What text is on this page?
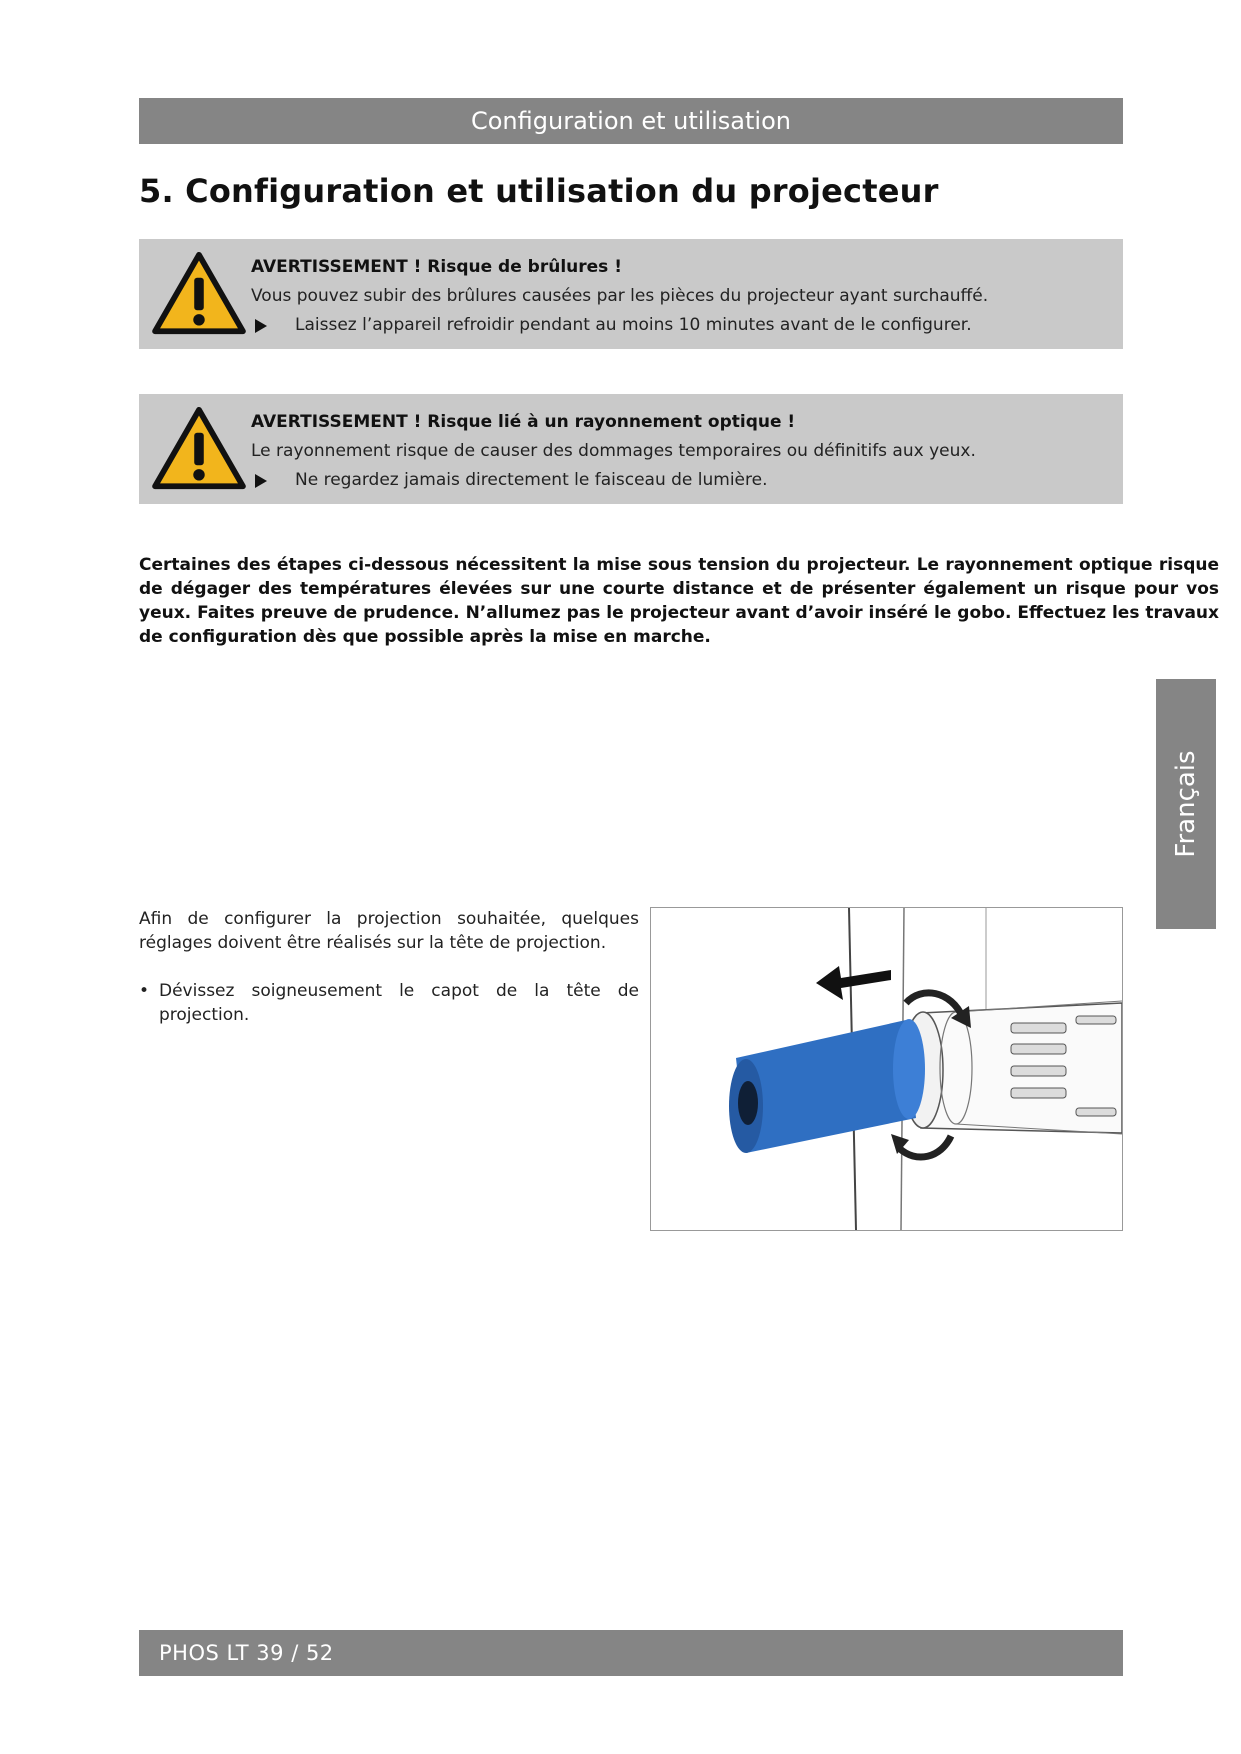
Configuration et utilisation
5. Configuration et utilisation du projecteur
AVERTISSEMENT ! Risque de brûlures !
Vous pouvez subir des brûlures causées par les pièces du projecteur ayant surchauffé.
Laissez l’appareil refroidir pendant au moins 10 minutes avant de le configurer.
AVERTISSEMENT ! Risque lié à un rayonnement optique !
Le rayonnement risque de causer des dommages temporaires ou définitifs aux yeux.
Ne regardez jamais directement le faisceau de lumière.

Certaines des étapes ci-dessous nécessitent la mise sous tension du projecteur. Le rayonnement optique risque de dégager des températures élevées sur une courte distance et de présenter également un risque pour vos yeux. Faites preuve de prudence. N’allumez pas le projecteur avant d’avoir inséré le gobo. Effectuez les travaux de configuration dès que possible après la mise en marche.

Français

Afin de configurer la projection souhaitée, quelques réglages doivent être réalisés sur la tête de projection.

• Dévissez soigneusement le capot de la tête de projection.
PHOS LT 39 / 52
